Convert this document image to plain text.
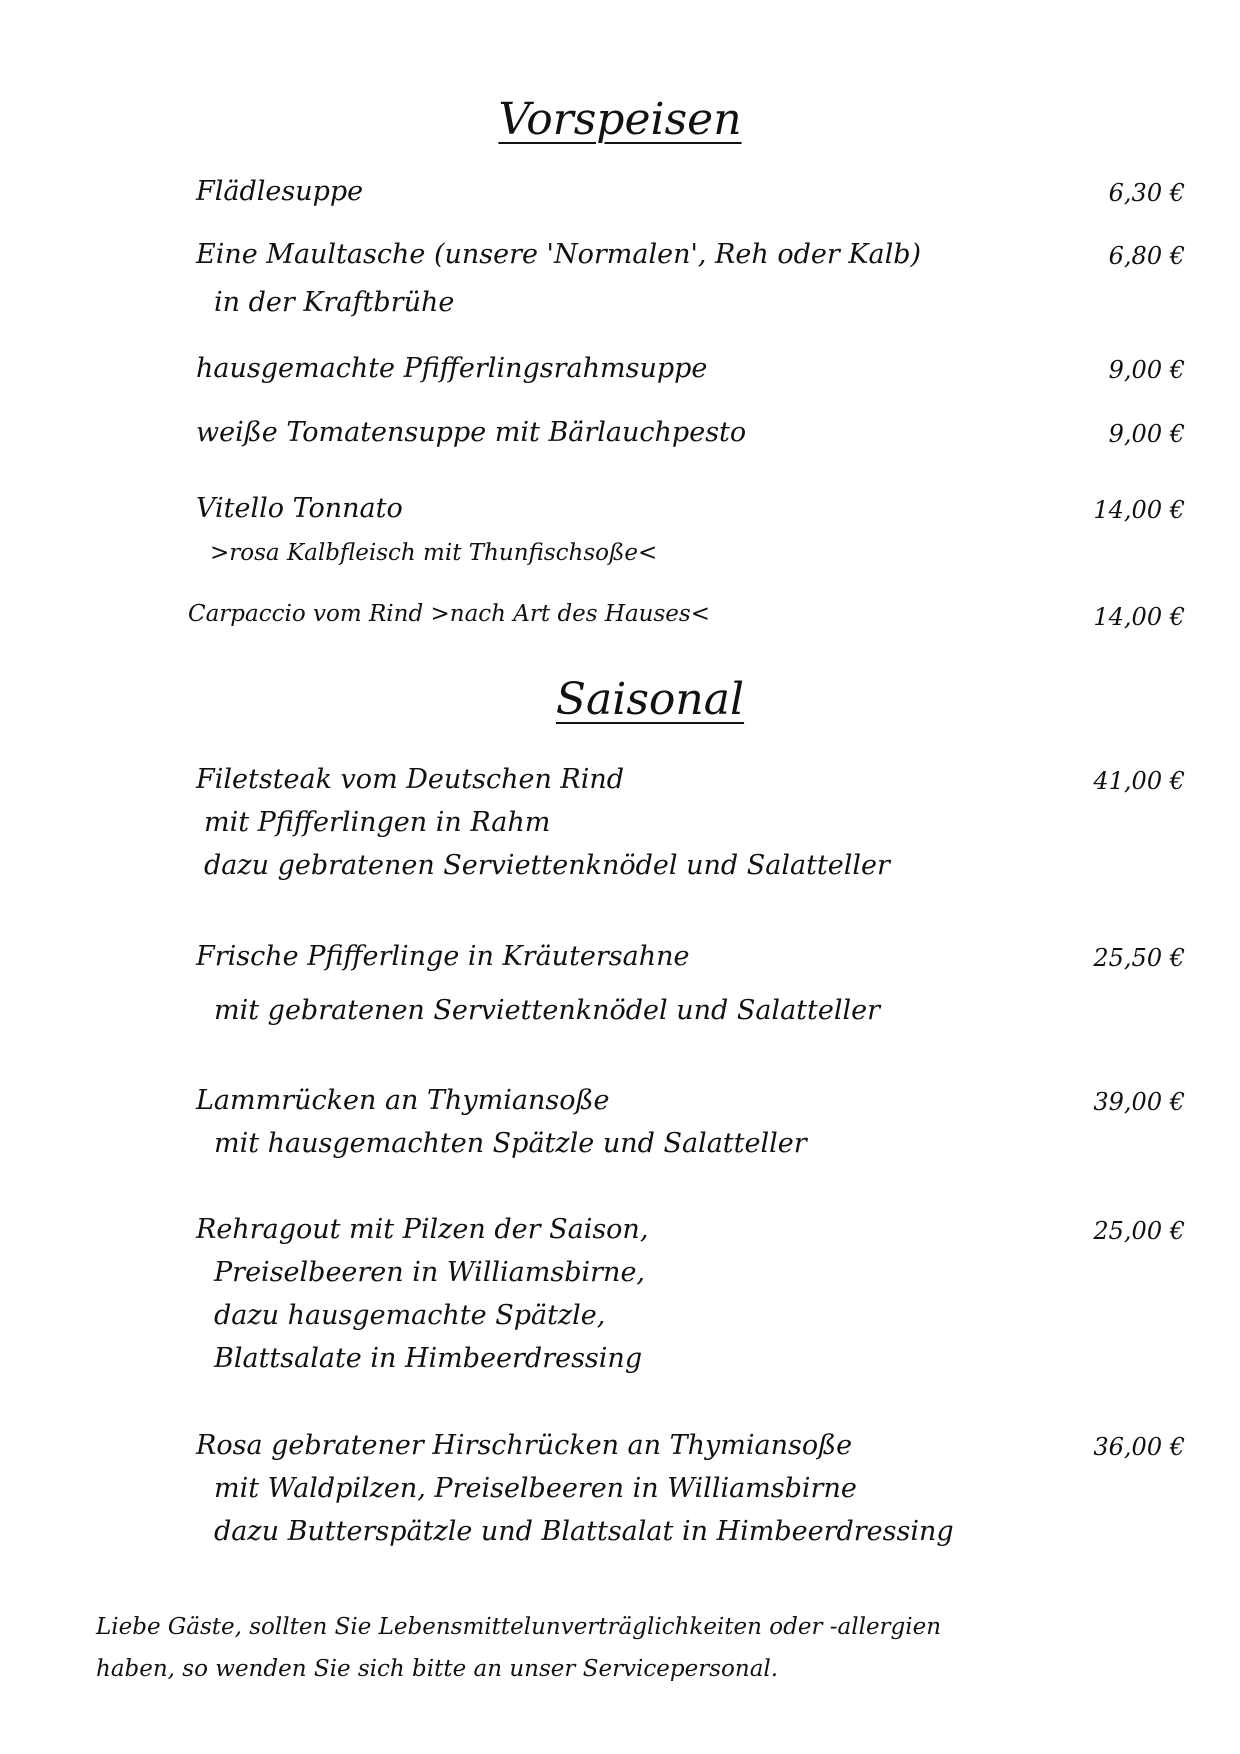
Vorspeisen
Flädlesuppe	6,30 €
Eine Maultasche (unsere 'Normalen', Reh oder Kalb)	6,80 €
in der Kraftbrühe
hausgemachte Pfifferlingsrahmsuppe	9,00 €
weiße Tomatensuppe mit Bärlauchpesto	9,00 €
Vitello Tonnato	14,00 €
>rosa Kalbfleisch mit Thunfischsoße<
Carpaccio vom Rind >nach Art des Hauses<	14,00 €
Saisonal
Filetsteak vom Deutschen Rind	41,00 €
mit Pfifferlingen in Rahm
dazu gebratenen Serviettenknödel und Salatteller
Frische Pfifferlinge in Kräutersahne	25,50 €
mit gebratenen Serviettenknödel und Salatteller
Lammrücken an Thymiansoße	39,00 €
mit hausgemachten Spätzle und Salatteller
Rehragout mit Pilzen der Saison,	25,00 €
Preiselbeeren in Williamsbirne,
dazu hausgemachte Spätzle,
Blattsalate in Himbeerdressing
Rosa gebratener Hirschrücken an Thymiansoße	36,00 €
mit Waldpilzen, Preiselbeeren in Williamsbirne
dazu Butterspätzle und Blattsalat in Himbeerdressing
Liebe Gäste, sollten Sie Lebensmittelunverträglichkeiten oder -allergien
haben, so wenden Sie sich bitte an unser Servicepersonal.
